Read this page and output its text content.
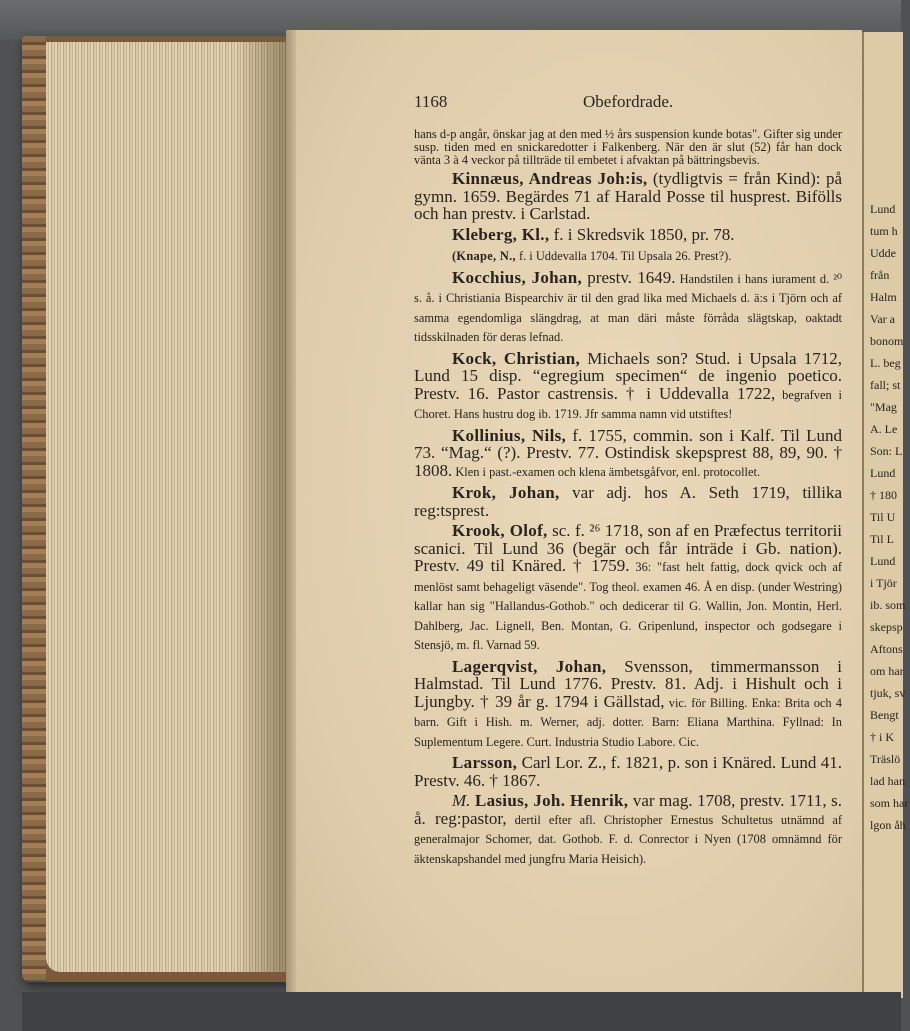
1168	Obefordrade.

hans d-p angår, önskar jag at den med ½ års suspension kunde botas". Gifter sig under susp. tiden med en snickaredotter i Falkenberg. När den är slut (52) får han dock vänta 3 à 4 veckor på tillträde til embetet i afvaktan på bättringsbevis.

Kinnæus, Andreas Joh:is, (tydligtvis = från Kind): på gymn. 1659. Begärdes 71 af Harald Posse til husprest. Bifölls och han prestv. i Carlstad.

Kleberg, Kl., f. i Skredsvik 1850, pr. 78.

(Knape, N., f. i Uddevalla 1704. Til Upsala 26. Prest?).

Kocchius, Johan, prestv. 1649. Handstilen i hans iurament d. ²⁰ s. å. i Christiania Bispearchiv är til den grad lika med Michaels d. ä:s i Tjörn och af samma egendomliga slängdrag, at man däri måste förråda slägtskap, oaktadt tidsskilnaden för deras lefnad.

Kock, Christian, Michaels son? Stud. i Upsala 1712, Lund 15 disp. “egregium specimen“ de ingenio poetico. Prestv. 16. Pastor castrensis. † i Uddevalla 1722, begrafven i Choret. Hans hustru dog ib. 1719. Jfr samma namn vid utstiftes!

Kollinius, Nils, f. 1755, commin. son i Kalf. Til Lund 73. “Mag.“ (?). Prestv. 77. Ostindisk skepsprest 88, 89, 90. † 1808. Klen i past.-examen och klena ämbetsgåfvor, enl. protocollet.

Krok, Johan, var adj. hos A. Seth 1719, tillika reg:tsprest.

Krook, Olof, sc. f. ²⁶ 1718, son af en Præfectus territorii scanici. Til Lund 36 (begär och får inträde i Gb. nation). Prestv. 49 til Knäred. † 1759. 36: "fast helt fattig, dock qvick och af menlöst samt behageligt väsende". Tog theol. examen 46. Å en disp. (under Westring) kallar han sig "Hallandus-Gothob." och dedicerar til G. Wallin, Jon. Montin, Herl. Dahlberg, Jac. Lignell, Ben. Montan, G. Gripenlund, inspector och godsegare i Stensjö, m. fl. Varnad 59.

Lagerqvist, Johan, Svensson, timmermansson i Halmstad. Til Lund 1776. Prestv. 81. Adj. i Hishult och i Ljungby. † 39 år g. 1794 i Gällstad, vic. för Billing. Enka: Brita och 4 barn. Gift i Hish. m. Werner, adj. dotter. Barn: Eliana Marthina. Fyllnad: In Suplementum Legere. Curt. Industria Studio Labore. Cic.

Larsson, Carl Lor. Z., f. 1821, p. son i Knäred. Lund 41. Prestv. 46. † 1867.

M. Lasius, Joh. Henrik, var mag. 1708, prestv. 1711, s. å. reg:pastor, dertil efter afl. Christopher Ernestus Schultetus utnämnd af generalmajor Schomer, dat. Gothob. F. d. Conrector i Nyen (1708 omnämnd för äktenskapshandel med jungfru Maria Heisich).

Lund
tum h
Udde
från
Halm
Var a
bonom
L. beg
fall; st
"Mag
A. Le
Son: L
Lund
† 180
Til U
Til L
Lund
i Tjör
ib. som
skepsp
Aftons
om har
tjuk, sv
Bengt
† i K
Träslö
lad han
som har
lgon åh
